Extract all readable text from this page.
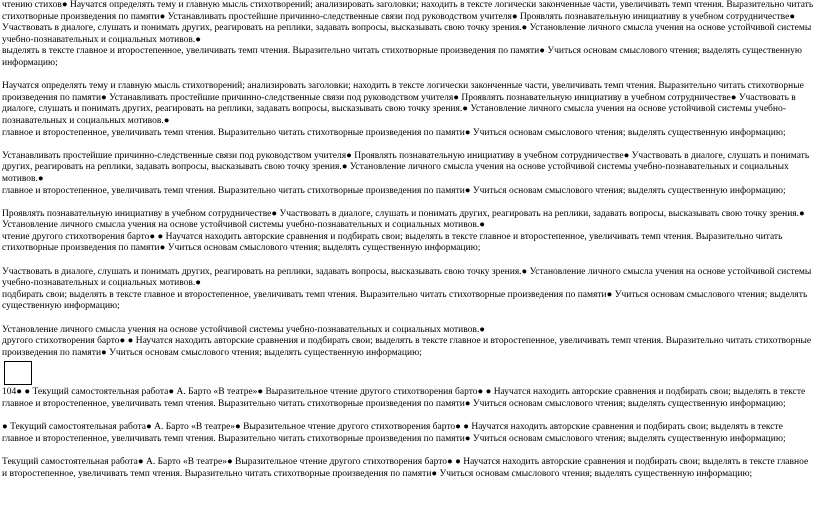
чтению стихов● Научатся определять тему и главную мысль стихотворений; анализировать заголовки; находить в тексте логически законченные части, увеличивать темп чтения. Выразительно читать стихотворные произведения по памяти● Устанавливать простейшие причинно-следственные связи под руководством учителя● Проявлять познавательную инициативу в учебном сотрудничестве● Участвовать в диалоге, слушать и понимать других, реагировать на реплики, задавать вопросы, высказывать свою точку зрения.● Установление личного смысла учения на основе устойчивой системы учебно-познавательных и социальных мотивов.●

выделять в тексте главное и второстепенное, увеличивать темп чтения. Выразительно читать стихотворные произведения по памяти● Учиться основам смыслового чтения; выделять существенную информацию;

Научатся определять тему и главную мысль стихотворений; анализировать заголовки; находить в тексте логически законченные части, увеличивать темп чтения. Выразительно читать стихотворные произведения по памяти● Устанавливать простейшие причинно-следственные связи под руководством учителя● Проявлять познавательную инициативу в учебном сотрудничестве● Участвовать в диалоге, слушать и понимать других, реагировать на реплики, задавать вопросы, высказывать свою точку зрения.● Установление личного смысла учения на основе устойчивой системы учебно-познавательных и социальных мотивов.●

главное и второстепенное, увеличивать темп чтения. Выразительно читать стихотворные произведения по памяти● Учиться основам смыслового чтения; выделять существенную информацию;

Устанавливать простейшие причинно-следственные связи под руководством учителя● Проявлять познавательную инициативу в учебном сотрудничестве● Участвовать в диалоге, слушать и понимать других, реагировать на реплики, задавать вопросы, высказывать свою точку зрения.● Установление личного смысла учения на основе устойчивой системы учебно-познавательных и социальных мотивов.●

главное и второстепенное, увеличивать темп чтения. Выразительно читать стихотворные произведения по памяти● Учиться основам смыслового чтения; выделять существенную информацию;

Проявлять познавательную инициативу в учебном сотрудничестве● Участвовать в диалоге, слушать и понимать других, реагировать на реплики, задавать вопросы, высказывать свою точку зрения.● Установление личного смысла учения на основе устойчивой системы учебно-познавательных и социальных мотивов.●

чтение другого стихотворения барто● ● Научатся находить авторские сравнения и подбирать свои; выделять в тексте главное и второстепенное, увеличивать темп чтения. Выразительно читать стихотворные произведения по памяти● Учиться основам смыслового чтения; выделять существенную информацию;

Участвовать в диалоге, слушать и понимать других, реагировать на реплики, задавать вопросы, высказывать свою точку зрения.● Установление личного смысла учения на основе устойчивой системы учебно-познавательных и социальных мотивов.●

подбирать свои; выделять в тексте главное и второстепенное, увеличивать темп чтения. Выразительно читать стихотворные произведения по памяти● Учиться основам смыслового чтения; выделять существенную информацию;

Установление личного смысла учения на основе устойчивой системы учебно-познавательных и социальных мотивов.●

другого стихотворения барто● ● Научатся находить авторские сравнения и подбирать свои; выделять в тексте главное и второстепенное, увеличивать темп чтения. Выразительно читать стихотворные произведения по памяти● Учиться основам смыслового чтения; выделять существенную информацию;

104● ● Текущий самостоятельная работа● А. Барто «В театре»● Выразительное чтение другого стихотворения барто● ● Научатся находить авторские сравнения и подбирать свои; выделять в тексте главное и второстепенное, увеличивать темп чтения. Выразительно читать стихотворные произведения по памяти● Учиться основам смыслового чтения; выделять существенную информацию;

● Текущий самостоятельная работа● А. Барто «В театре»● Выразительное чтение другого стихотворения барто● ● Научатся находить авторские сравнения и подбирать свои; выделять в тексте главное и второстепенное, увеличивать темп чтения. Выразительно читать стихотворные произведения по памяти● Учиться основам смыслового чтения; выделять существенную информацию;

Текущий самостоятельная работа● А. Барто «В театре»● Выразительное чтение другого стихотворения барто● ● Научатся находить авторские сравнения и подбирать свои; выделять в тексте главное и второстепенное, увеличивать темп чтения. Выразительно читать стихотворные произведения по памяти● Учиться основам смыслового чтения; выделять существенную информацию;
